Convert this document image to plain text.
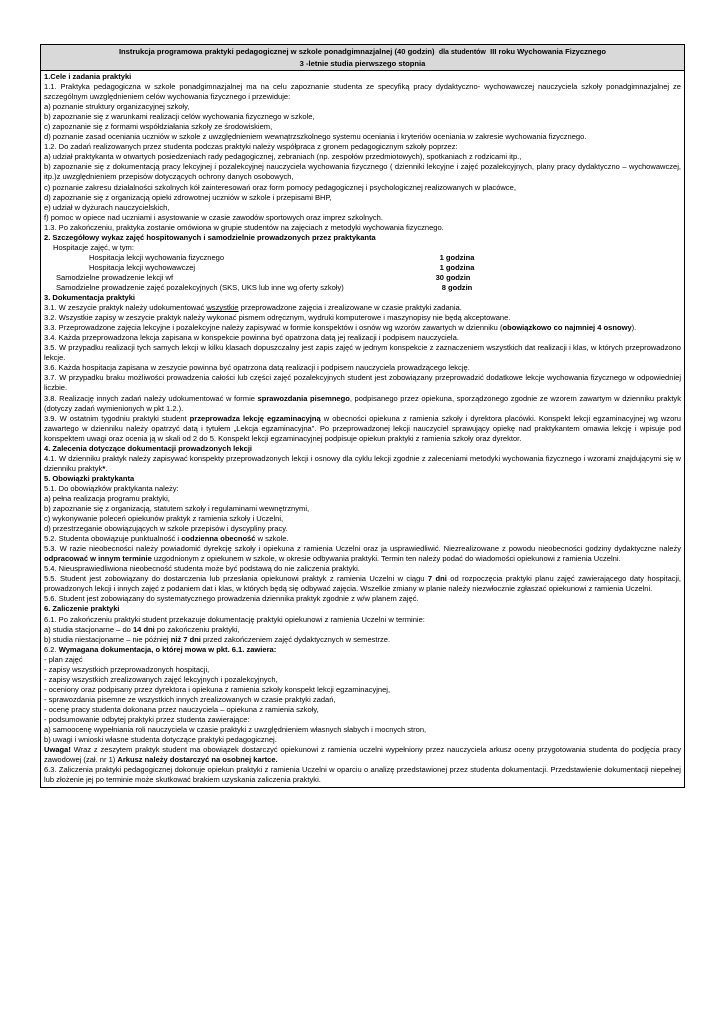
Instrukcja programowa praktyki pedagogicznej w szkole ponadgimnazjalnej (40 godzin) dla studentów III roku Wychowania Fizycznego
3 -letnie studia pierwszego stopnia

1.Cele i zadania praktyki

1.1. Praktyka pedagogiczna w szkole ponadgimnazjalnej ma na celu zapoznanie studenta ze specyfiką pracy dydaktyczno- wychowawczej nauczyciela szkoły ponadgimnazjalnej ze szczególnym uwzględnieniem celów wychowania fizycznego i przewiduje:

a) poznanie struktury organizacyjnej szkoły,

b) zapoznanie się z warunkami realizacji celów wychowania fizycznego w szkole,

c) zapoznanie się z formami współdziałania szkoły ze środowiskiem,

d) poznanie zasad oceniania uczniów w szkole z uwzględnieniem wewnątrzszkolnego systemu oceniania i kryteriów oceniania w zakresie wychowania fizycznego.

1.2. Do zadań realizowanych przez studenta podczas praktyki należy współpraca z gronem pedagogicznym szkoły poprzez:

a) udział praktykanta w otwartych posiedzeniach rady pedagogicznej, zebraniach (np. zespołów przedmiotowych), spotkaniach z rodzicami itp.,

b) zapoznanie się z dokumentacją pracy lekcyjnej i pozalekcyjnej nauczyciela wychowania fizycznego ( dzienniki lekcyjne i zajęć pozalekcyjnych, plany pracy dydaktyczno – wychowawczej, itp.)z uwzględnieniem przepisów dotyczących ochrony danych osobowych,

c) poznanie zakresu działalności szkolnych kół zainteresowań oraz form pomocy pedagogicznej i psychologicznej realizowanych w placówce,

d) zapoznanie się z organizacją opieki zdrowotnej uczniów w szkole i przepisami BHP,

e) udział w dyżurach nauczycielskich,

f) pomoc w opiece nad uczniami i asystowanie w czasie zawodów sportowych oraz imprez szkolnych.

1.3. Po zakończeniu, praktyka zostanie omówiona w grupie studentów na zajęciach z metodyki wychowania fizycznego.

2. Szczegółowy wykaz zajęć hospitowanych i samodzielnie prowadzonych przez praktykanta

Hospitacje zajęć, w tym:

Hospitacja lekcji wychowania fizycznego	1 godzina
Hospitacja lekcji wychowawczej	1 godzina
Samodzielne prowadzenie lekcji wf	30 godzin
Samodzielne prowadzenie zajęć pozalekcyjnych (SKS, UKS lub inne wg oferty szkoły)	8 godzin

3. Dokumentacja praktyki

3.1. W zeszycie praktyk należy udokumentować wszystkie przeprowadzone zajęcia i zrealizowane w czasie praktyki zadania.

3.2. Wszystkie zapisy w zeszycie praktyk należy wykonać pismem odręcznym, wydruki komputerowe i maszynopisy nie będą akceptowane.

3.3. Przeprowadzone zajęcia lekcyjne i pozalekcyjne należy zapisywać w formie konspektów i osnów wg wzorów zawartych w dzienniku (obowiązkowo co najmniej 4 osnowy).

3.4. Każda przeprowadzona lekcja zapisana w konspekcie powinna być opatrzona datą jej realizacji i podpisem nauczyciela.

3.5. W przypadku realizacji tych samych lekcji w kilku klasach dopuszczalny jest zapis zajęć w jednym konspekcie z zaznaczeniem wszystkich dat realizacji i klas, w których przeprowadzono lekcje.

3.6. Każda hospitacja zapisana w zeszycie powinna być opatrzona datą realizacji i podpisem nauczyciela prowadzącego lekcję.

3.7. W przypadku braku możliwości prowadzenia całości lub części zajęć pozalekcyjnych student jest zobowiązany przeprowadzić dodatkowe lekcje wychowania fizycznego w odpowiedniej liczbie.

3.8. Realizację innych zadań należy udokumentować w formie sprawozdania pisemnego, podpisanego przez opiekuna, sporządzonego zgodnie ze wzorem zawartym w dzienniku praktyk (dotyczy zadań wymienionych w pkt 1.2.).

3.9. W ostatnim tygodniu praktyki student przeprowadza lekcję egzaminacyjną w obecności opiekuna z ramienia szkoły i dyrektora placówki. Konspekt lekcji egzaminacyjnej wg wzoru zawartego w dzienniku należy opatrzyć datą i tytułem „Lekcja egzaminacyjna". Po przeprowadzonej lekcji nauczyciel sprawujący opiekę nad praktykantem omawia lekcję i wpisuje pod konspektem uwagi oraz ocenia ją w skali od 2 do 5. Konspekt lekcji egzaminacyjnej podpisuje opiekun praktyki z ramienia szkoły oraz dyrektor.

4. Zalecenia dotyczące dokumentacji prowadzonych lekcji

4.1. W dzienniku praktyk należy zapisywać konspekty przeprowadzonych lekcji i osnowy dla cyklu lekcji zgodnie z zaleceniami metodyki wychowania fizycznego i wzorami znajdującymi się w dzienniku praktyk*.

5. Obowiązki praktykanta

5.1. Do obowiązków praktykanta należy:

a) pełna realizacja programu praktyki,

b) zapoznanie się z organizacją, statutem szkoły i regulaminami wewnętrznymi,

c) wykonywanie poleceń opiekunów praktyk z ramienia szkoły i Uczelni,

d) przestrzeganie obowiązujących w szkole przepisów i dyscypliny pracy.

5.2. Studenta obowiązuje punktualność i codzienna obecność w szkole.

5.3. W razie nieobecności należy powiadomić dyrekcję szkoły i opiekuna z ramienia Uczelni oraz ja usprawiedliwić. Niezrealizowane z powodu nieobecności godziny dydaktyczne należy odpracować w innym terminie uzgodnionym z opiekunem w szkole, w okresie odbywania praktyki. Termin ten należy podać do wiadomości opiekunowi z ramienia Uczelni.

5.4. Nieusprawiedliwiona nieobecność studenta może być podstawą do nie zaliczenia praktyki.

5.5. Student jest zobowiązany do dostarczenia lub przesłania opiekunowi praktyk z ramienia Uczelni w ciągu 7 dni od rozpoczęcia praktyki planu zajęć zawierającego daty hospitacji, prowadzonych lekcji i innych zajęć z podaniem dat i klas, w których będą się odbywać zajęcia. Wszelkie zmiany w planie należy niezwłocznie zgłaszać opiekunowi z ramienia Uczelni.

5.6. Student jest zobowiązany do systematycznego prowadzenia dziennika praktyk zgodnie z w/w planem zajęć.

6. Zaliczenie praktyki

6.1. Po zakończeniu praktyki student przekazuje dokumentację praktyki opiekunowi z ramienia Uczelni w terminie:

a) studia stacjonarne – do 14 dni po zakończeniu praktyki,

b) studia niestacjonarne – nie później niż 7 dni przed zakończeniem zajęć dydaktycznych w semestrze.

6.2. Wymagana dokumentacja, o której mowa w pkt. 6.1. zawiera:

- plan zajęć

- zapisy wszystkich przeprowadzonych hospitacji,

- zapisy wszystkich zrealizowanych zajęć lekcyjnych i pozalekcyjnych,

- oceniony oraz podpisany przez dyrektora i opiekuna z ramienia szkoły konspekt lekcji egzaminacyjnej,

- sprawozdania pisemne ze wszystkich innych zrealizowanych w czasie praktyki zadań,

- ocenę pracy studenta dokonana przez nauczyciela – opiekuna z ramienia szkoły,

- podsumowanie odbytej praktyki przez studenta zawierające:

a) samoocenę wypełniania roli nauczyciela w czasie praktyki z uwzględnieniem własnych słabych i mocnych stron,

b) uwagi i wnioski własne studenta dotyczące praktyki pedagogicznej.

Uwaga! Wraz z zeszytem praktyk student ma obowiązek dostarczyć opiekunowi z ramienia uczelni wypełniony przez nauczyciela arkusz oceny przygotowania studenta do podjęcia pracy zawodowej (zał. nr 1) Arkusz należy dostarczyć na osobnej kartce.

6.3. Zaliczenia praktyki pedagogicznej dokonuje opiekun praktyki z ramienia Uczelni w oparciu o analizę przedstawionej przez studenta dokumentacji. Przedstawienie dokumentacji niepełnej lub złożenie jej po terminie może skutkować brakiem uzyskania zaliczenia praktyki.
